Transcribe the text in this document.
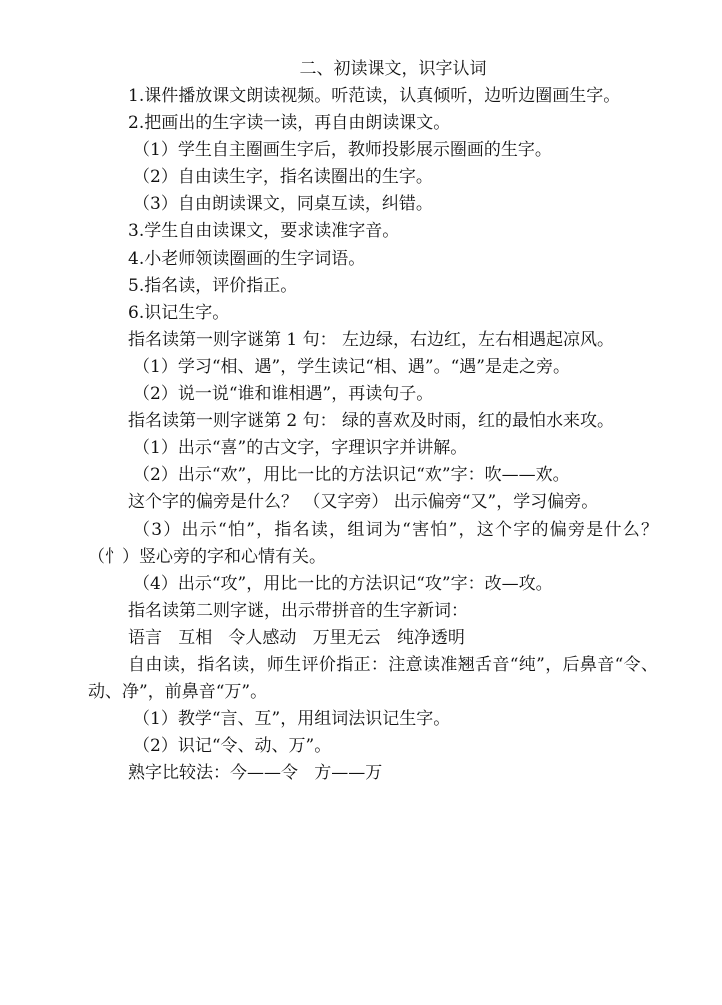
二、初读课文，识字认词

1.课件播放课文朗读视频。听范读，认真倾听，边听边圈画生字。

2.把画出的生字读一读，再自由朗读课文。

（1）学生自主圈画生字后，教师投影展示圈画的生字。

（2）自由读生字，指名读圈出的生字。

（3）自由朗读课文，同桌互读，纠错。

3.学生自由读课文，要求读准字音。

4.小老师领读圈画的生字词语。

5.指名读，评价指正。

6.识记生字。

指名读第一则字谜第 1 句： 左边绿，右边红，左右相遇起凉风。

（1）学习“相、遇”，学生读记“相、遇”。“遇”是走之旁。

（2）说一说“谁和谁相遇”，再读句子。

指名读第一则字谜第 2 句： 绿的喜欢及时雨，红的最怕水来攻。

（1）出示“喜”的古文字，字理识字并讲解。

（2）出示“欢”，用比一比的方法识记“欢”字：吹——欢。

这个字的偏旁是什么？ （又字旁） 出示偏旁“又”，学习偏旁。

（3）出示“怕”，指名读，组词为“害怕”，这个字的偏旁是什么？ （忄）竖心旁的字和心情有关。

（4）出示“攻”，用比一比的方法识记“攻”字：改—攻。

指名读第二则字谜，出示带拼音的生字新词：

语言   互相   令人感动   万里无云   纯净透明

自由读，指名读，师生评价指正：注意读准翘舌音“纯”，后鼻音“令、动、净”，前鼻音“万”。

（1）教学“言、互”，用组词法识记生字。

（2）识记“令、动、万”。

熟字比较法：今——令   方——万
